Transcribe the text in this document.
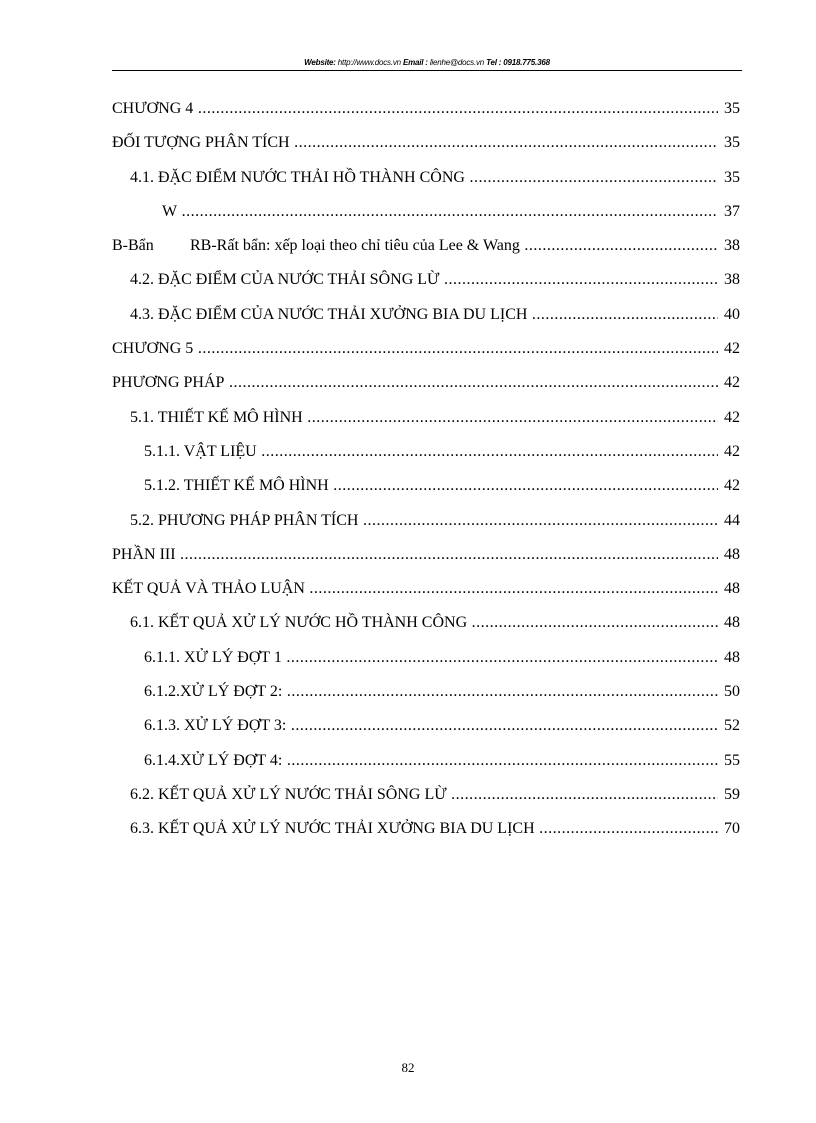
Website: http://www.docs.vn Email : lienhe@docs.vn Tel : 0918.775.368
CHƯƠNG 4 .....	35
ĐỐI TƯỢNG PHÂN TÍCH .....	35
4.1. ĐẶC ĐIỂM NƯỚC THẢI HỒ THÀNH CÔNG .....	35
W .....	37
B-Bẩn RB-Rất bẩn: xếp loại theo chỉ tiêu của Lee & Wang .....	38
4.2. ĐẶC ĐIỂM CỦA NƯỚC THẢI SÔNG LỪ .....	38
4.3. ĐẶC ĐIỂM CỦA NƯỚC THẢI XƯỞNG BIA DU LỊCH .....	40
CHƯƠNG 5 .....	42
PHƯƠNG PHÁP .....	42
5.1. THIẾT KẾ MÔ HÌNH .....	42
5.1.1. VẬT LIỆU .....	42
5.1.2. THIẾT KẾ MÔ HÌNH .....	42
5.2. PHƯƠNG PHÁP PHÂN TÍCH .....	44
PHẦN III .....	48
KẾT QUẢ VÀ THẢO LUẬN .....	48
6.1. KẾT QUẢ XỬ LÝ NƯỚC HỒ THÀNH CÔNG .....	48
6.1.1. XỬ LÝ ĐỢT 1 .....	48
6.1.2.XỬ LÝ ĐỢT 2: .....	50
6.1.3. XỬ LÝ ĐỢT 3: .....	52
6.1.4.XỬ LÝ ĐỢT 4: .....	55
6.2. KẾT QUẢ XỬ LÝ NƯỚC THẢI SÔNG LỪ .....	59
6.3. KẾT QUẢ XỬ LÝ NƯỚC THẢI XƯỞNG BIA DU LỊCH .....	70
82
